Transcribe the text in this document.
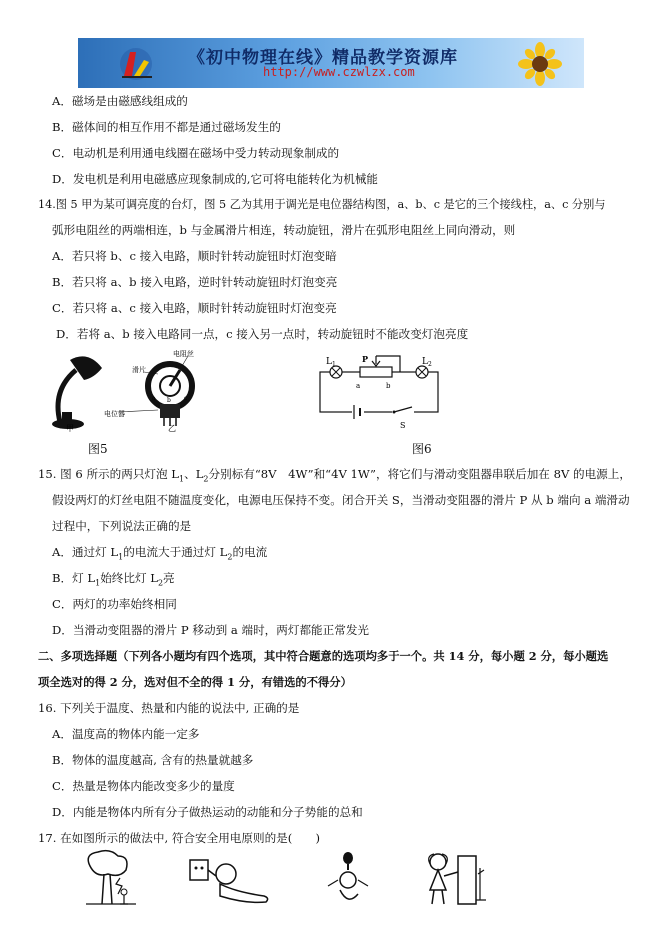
《初中物理在线》精品教学资源库
http://www.czwlzx.com
A．磁场是由磁感线组成的
B．磁体间的相互作用不都是通过磁场发生的
C．电动机是利用通电线圈在磁场中受力转动现象制成的
D．发电机是利用电磁感应现象制成的,它可将电能转化为机械能
14.图 5 甲为某可调亮度的台灯，图 5 乙为其用于调光是电位器结构图，a、b、c 是它的三个接线柱，a、c 分别与
弧形电阻丝的两端相连，b 与金属滑片相连，转动旋钮，滑片在弧形电阻丝上同向滑动，则
A．若只将 b、c 接入电路，顺时针转动旋钮时灯泡变暗
B．若只将 a、b 接入电路，逆时针转动旋钮时灯泡变亮
C．若只将 a、c 接入电路，顺时针转动旋钮时灯泡变亮
D．若将 a、b 接入电路同一点，c 接入另一点时，转动旋钮时不能改变灯泡亮度
电阻丝
滑片
a b c
电位器
甲	乙
图5
$L_1$	$L_2$
P
a	b
S
图6
15. 图 6 所示的两只灯泡 $L_1$、$L_2$分别标有“8V　4W”和“4V 1W”，将它们与滑动变阻器串联后加在 8V 的电源上，
假设两灯的灯丝电阻不随温度变化，电源电压保持不变。闭合开关 S，当滑动变阻器的滑片 P 从 b 端向 a 端滑动
过程中，下列说法正确的是
A．通过灯 $L_1$的电流大于通过灯 $L_2$的电流
B．灯 $L_1$始终比灯 $L_2$亮
C．两灯的功率始终相同
D．当滑动变阻器的滑片 P 移动到 a 端时，两灯都能正常发光
二、多项选择题（下列各小题均有四个选项，其中符合题意的选项均多于一个。共 14 分，每小题 2 分，每小题选
项全选对的得 2 分，选对但不全的得 1 分，有错选的不得分）
16. 下列关于温度、热量和内能的说法中, 正确的是
A．温度高的物体内能一定多
B．物体的温度越高, 含有的热量就越多
C．热量是物体内能改变多少的量度
D．内能是物体内所有分子做热运动的动能和分子势能的总和
17. 在如图所示的做法中, 符合安全用电原则的是(　　)
